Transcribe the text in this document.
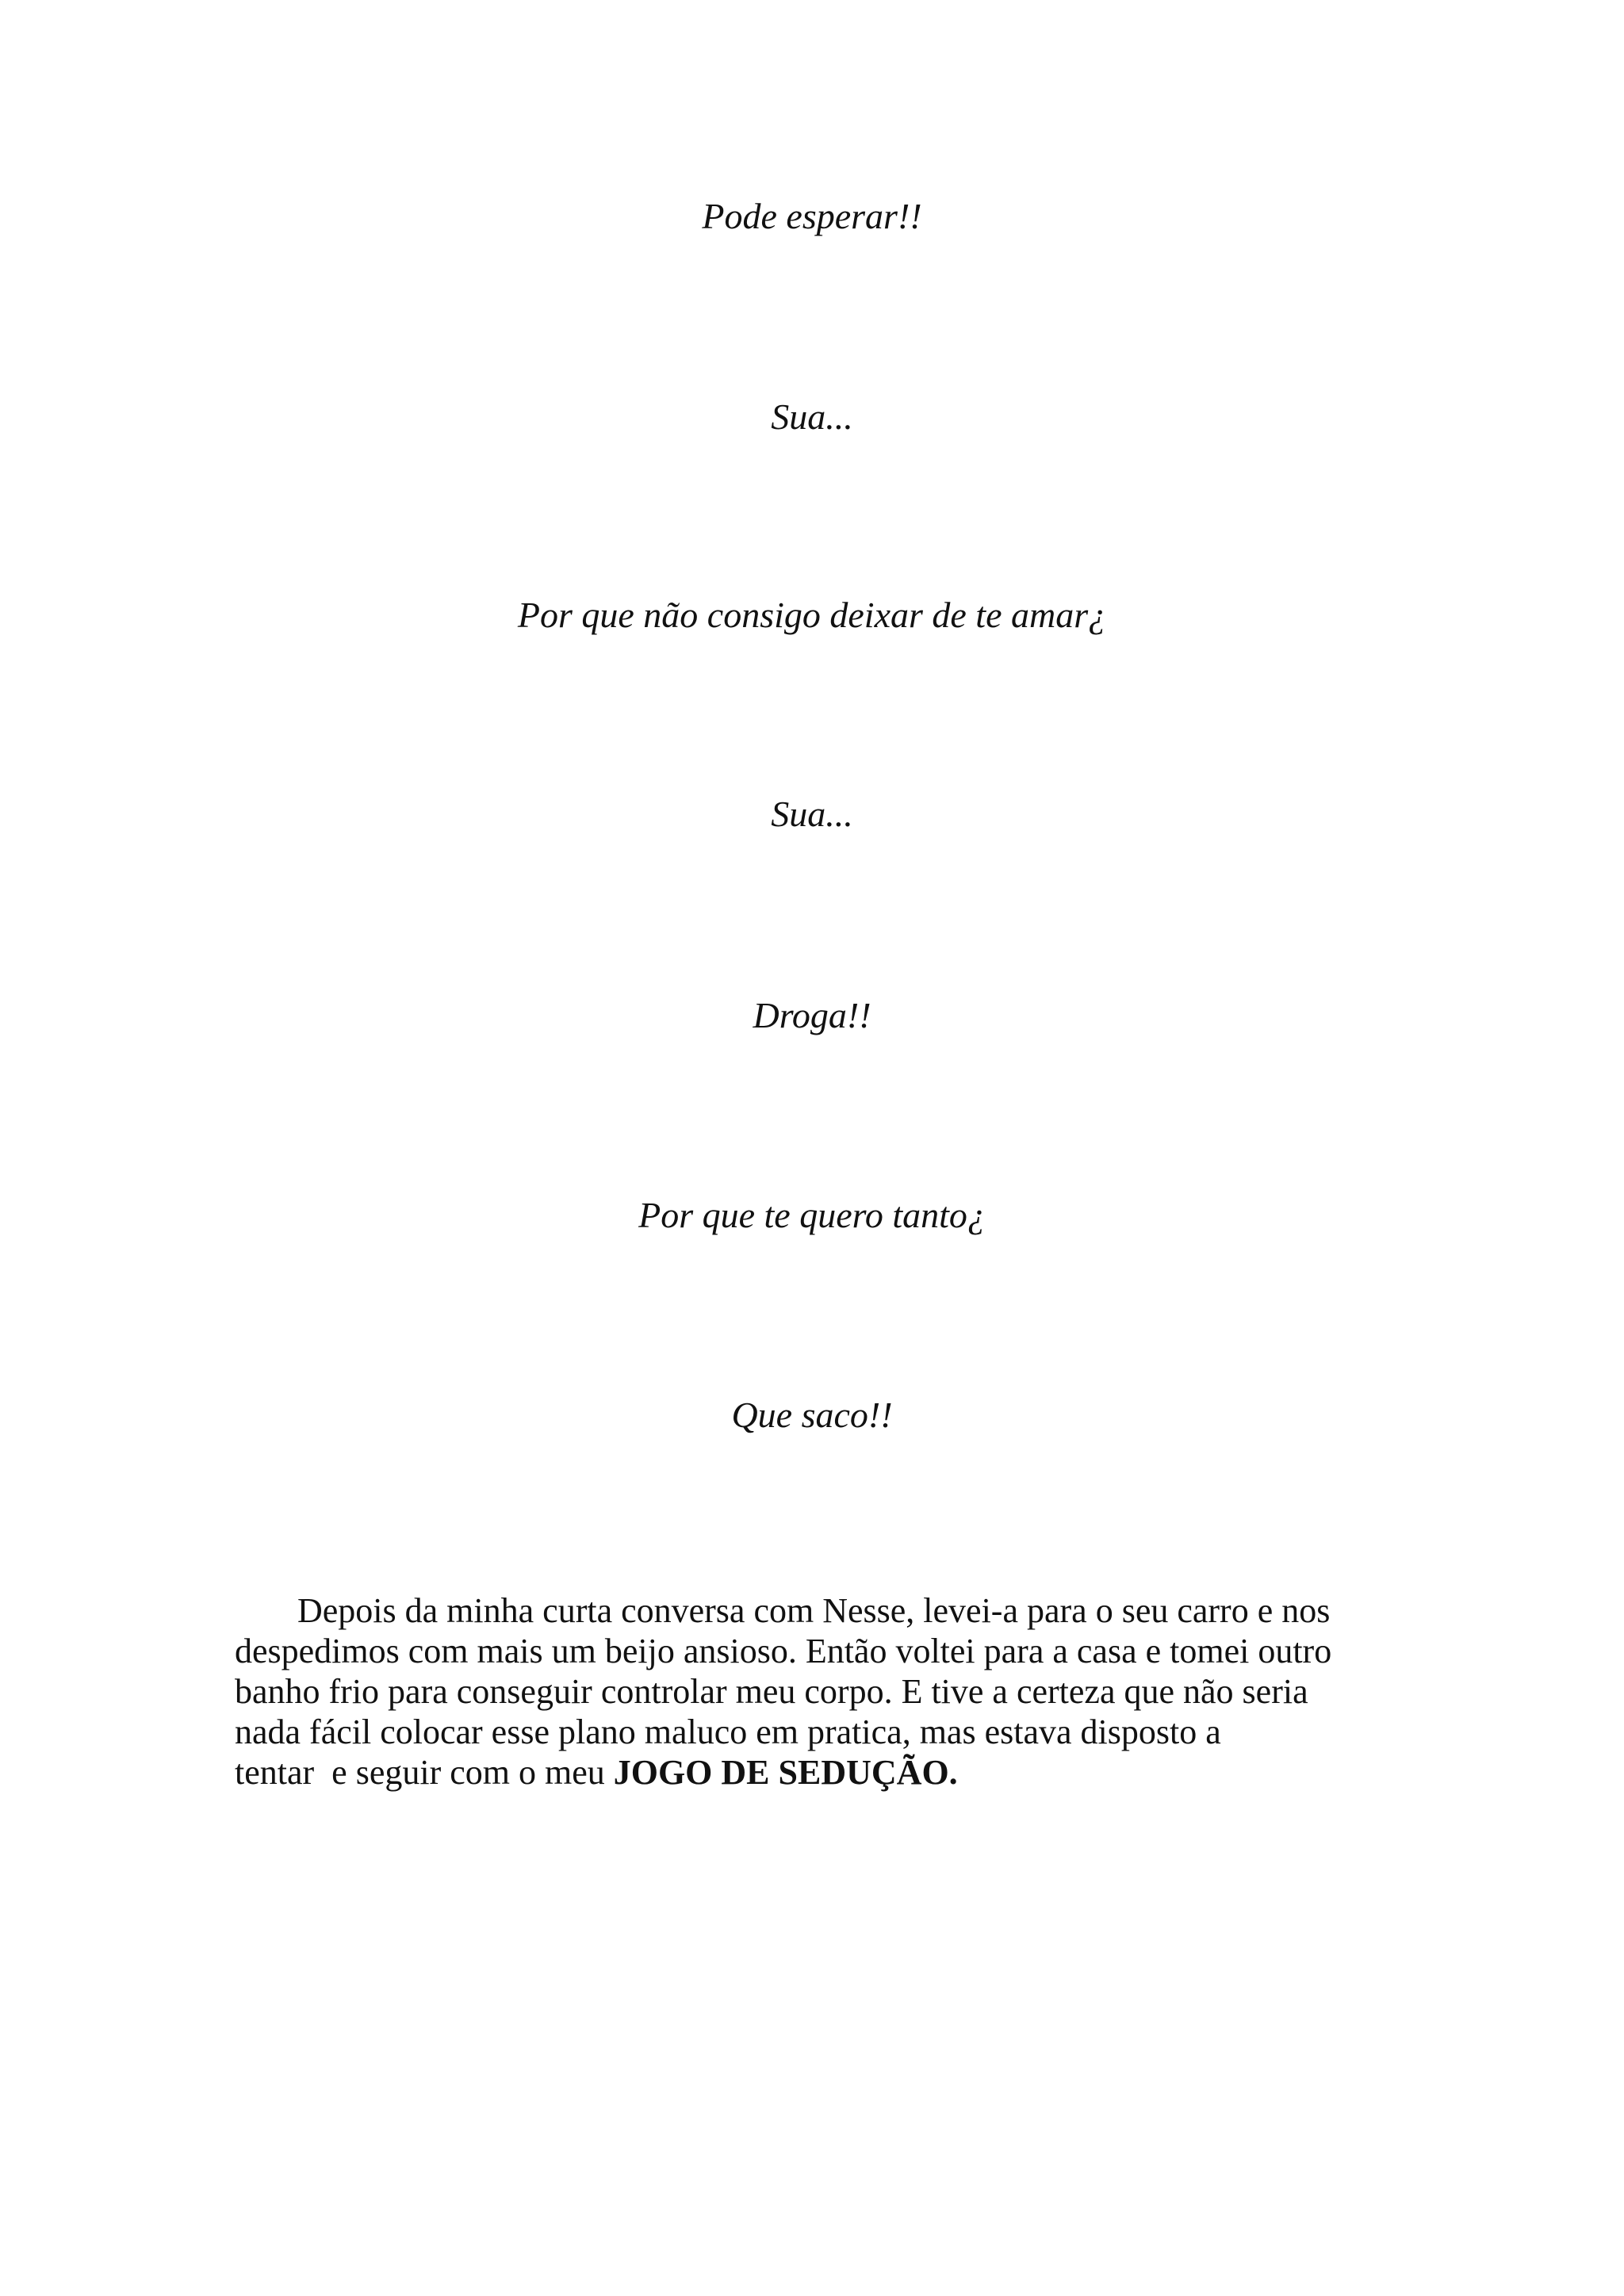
Pode esperar!!

Sua...

Por que não consigo deixar de te amar¿

Sua...

Droga!!

Por que te quero tanto¿

Que saco!!

Depois da minha curta conversa com Nesse, levei-a para o seu carro e nos
despedimos com mais um beijo ansioso. Então voltei para a casa e tomei outro
banho frio para conseguir controlar meu corpo. E tive a certeza que não seria
nada fácil colocar esse plano maluco em pratica, mas estava disposto a
tentar  e seguir com o meu JOGO DE SEDUÇÃO.
